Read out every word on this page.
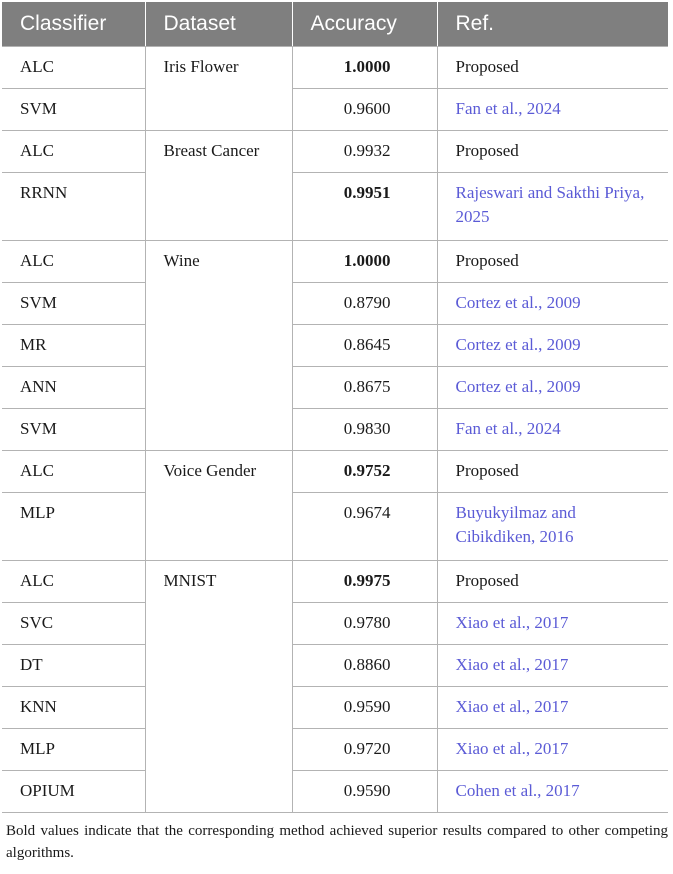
Classifier	Dataset	Accuracy	Ref.
ALC	Iris Flower	1.0000	Proposed
SVM		0.9600	Fan et al., 2024
ALC	Breast Cancer	0.9932	Proposed
RRNN		0.9951	Rajeswari and Sakthi Priya, 2025
ALC	Wine	1.0000	Proposed
SVM		0.8790	Cortez et al., 2009
MR		0.8645	Cortez et al., 2009
ANN		0.8675	Cortez et al., 2009
SVM		0.9830	Fan et al., 2024
ALC	Voice Gender	0.9752	Proposed
MLP		0.9674	Buyukyilmaz and Cibikdiken, 2016
ALC	MNIST	0.9975	Proposed
SVC		0.9780	Xiao et al., 2017
DT		0.8860	Xiao et al., 2017
KNN		0.9590	Xiao et al., 2017
MLP		0.9720	Xiao et al., 2017
OPIUM		0.9590	Cohen et al., 2017
Bold values indicate that the corresponding method achieved superior results compared to other competing algorithms.
